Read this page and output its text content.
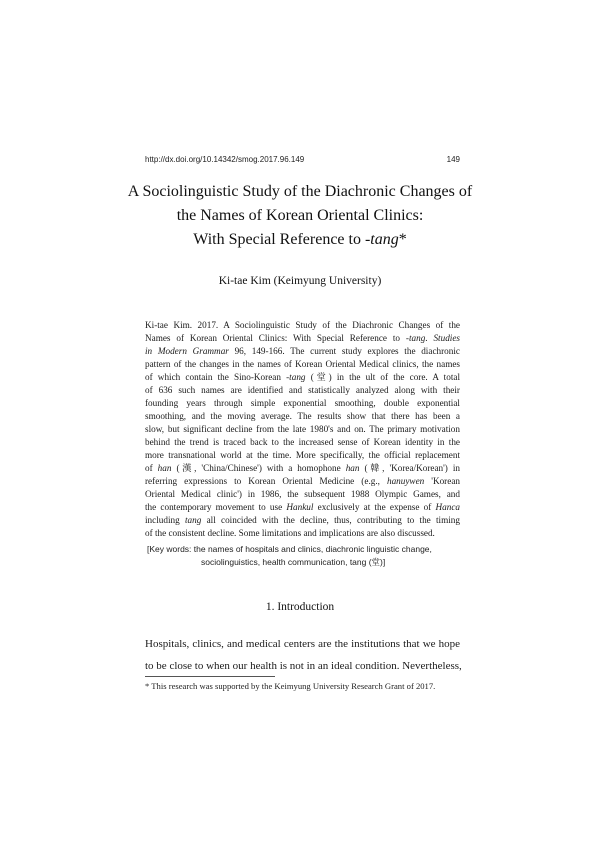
http://dx.doi.org/10.14342/smog.2017.96.149	149
A Sociolinguistic Study of the Diachronic Changes of
the Names of Korean Oriental Clinics:
With Special Reference to -tang*
Ki-tae Kim (Keimyung University)
Ki-tae Kim. 2017. A Sociolinguistic Study of the Diachronic Changes of the
Names of Korean Oriental Clinics: With Special Reference to -tang. Studies
in Modern Grammar 96, 149-166. The current study explores the diachronic
pattern of the changes in the names of Korean Oriental Medical clinics, the names
of which contain the Sino-Korean -tang (堂) in the ult of the core. A total
of 636 such names are identified and statistically analyzed along with their
founding years through simple exponential smoothing, double exponential
smoothing, and the moving average. The results show that there has been a
slow, but significant decline from the late 1980's and on. The primary motivation
behind the trend is traced back to the increased sense of Korean identity in the
more transnational world at the time. More specifically, the official replacement
of han (漢, 'China/Chinese') with a homophone han (韓, 'Korea/Korean') in
referring expressions to Korean Oriental Medicine (e.g., hanuywen 'Korean
Oriental Medical clinic') in 1986, the subsequent 1988 Olympic Games, and
the contemporary movement to use Hankul exclusively at the expense of Hanca
including tang all coincided with the decline, thus, contributing to the timing
of the consistent decline. Some limitations and implications are also discussed.
[Key words: the names of hospitals and clinics, diachronic linguistic change,
sociolinguistics, health communication, tang (堂)]
1. Introduction
Hospitals, clinics, and medical centers are the institutions that we hope
to be close to when our health is not in an ideal condition. Nevertheless,
* This research was supported by the Keimyung University Research Grant of 2017.
